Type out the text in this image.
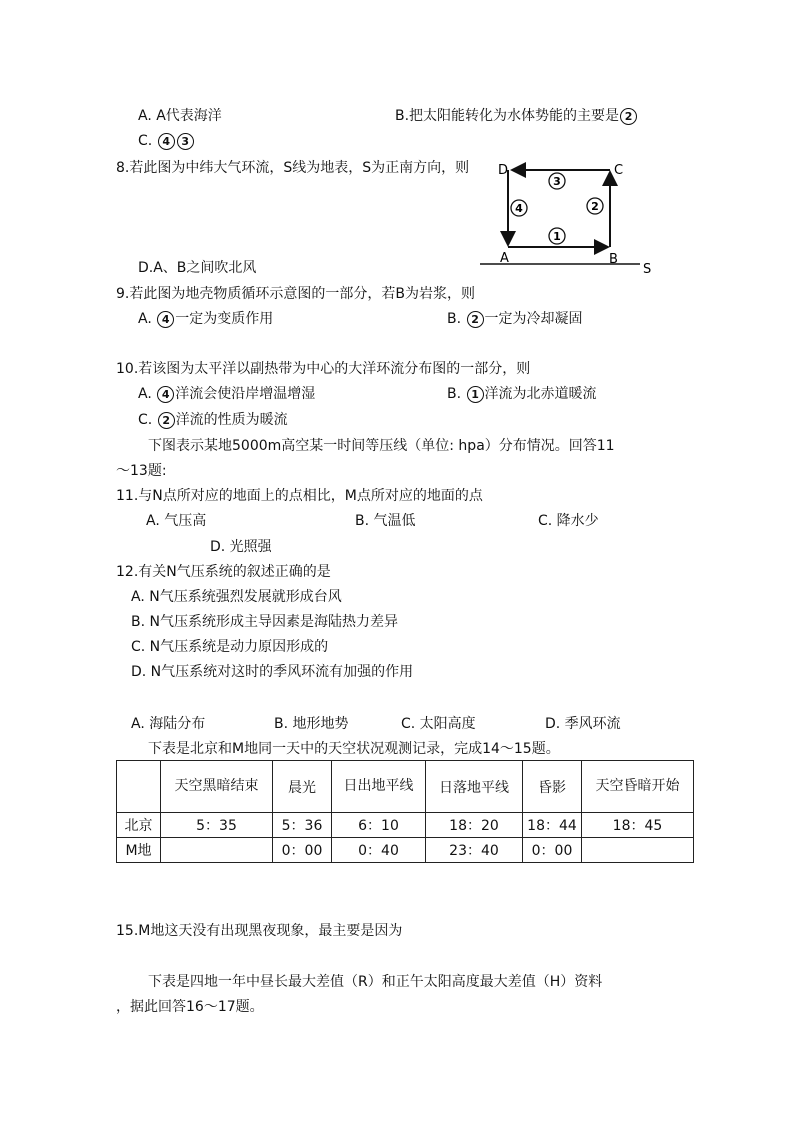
A. A代表海洋	B.把太阳能转化为水体势能的主要是 2
C. 4 3
8.若此图为中纬大气环流，S线为地表，S为正南方向，则
A	B
C
D
S
3
2
4
1
D.A、B之间吹北风
9.若此图为地壳物质循环示意图的一部分，若B为岩浆，则
A. 4 一定为变质作用	B. 2 一定为冷却凝固
10.若该图为太平洋以副热带为中心的大洋环流分布图的一部分，则
A. 4 洋流会使沿岸增温增湿	B. 1 洋流为北赤道暖流
C. 2 洋流的性质为暖流
下图表示某地5000m高空某一时间等压线（单位: hpa）分布情况。回答11
～13题:
11.与N点所对应的地面上的点相比，M点所对应的地面的点
A. 气压高	B. 气温低	C. 降水少
D. 光照强
12.有关N气压系统的叙述正确的是
A. N气压系统强烈发展就形成台风
B. N气压系统形成主导因素是海陆热力差异
C. N气压系统是动力原因形成的
D. N气压系统对这时的季风环流有加强的作用
A. 海陆分布	B. 地形地势	C. 太阳高度	D. 季风环流
下表是北京和M地同一天中的天空状况观测记录，完成14～15题。
	天空黑暗结束	晨光	日出地平线	日落地平线	昏影	天空昏暗开始
北京	5：35	5：36	6：10	18：20	18：44	18：45
M地		0：00	0：40	23：40	0：00	
15.M地这天没有出现黑夜现象，最主要是因为
下表是四地一年中昼长最大差值（R）和正午太阳高度最大差值（H）资料
，据此回答16～17题。
